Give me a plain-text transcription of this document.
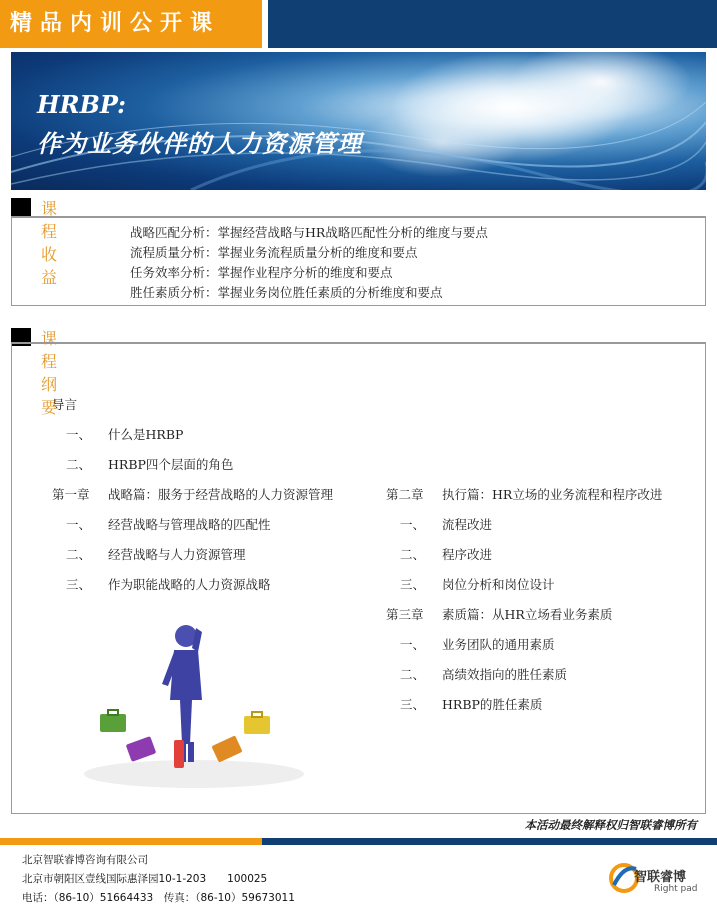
精品内训公开课
HRBP:
作为业务伙伴的人力资源管理
课程收益
战略匹配分析：掌握经营战略与HR战略匹配性分析的维度与要点
流程质量分析：掌握业务流程质量分析的维度和要点
任务效率分析：掌握作业程序分析的维度和要点
胜任素质分析：掌握业务岗位胜任素质的分析维度和要点
课程纲要
导言
一、 什么是HRBP
二、 HRBP四个层面的角色
第一章 战略篇：服务于经营战略的人力资源管理
一、 经营战略与管理战略的匹配性
二、 经营战略与人力资源管理
三、 作为职能战略的人力资源战略
第二章 执行篇：HR立场的业务流程和程序改进
一、 流程改进
二、 程序改进
三、 岗位分析和岗位设计
第三章 素质篇：从HR立场看业务素质
一、 业务团队的通用素质
二、 高绩效指向的胜任素质
三、 HRBP的胜任素质
本活动最终解释权归智联睿博所有
北京智联睿博咨询有限公司
北京市朝阳区壹线国际惠泽园10-1-203　　100025
电话：（86-10）51664433　传真：（86-10）59673011
智联睿博
Right pad
